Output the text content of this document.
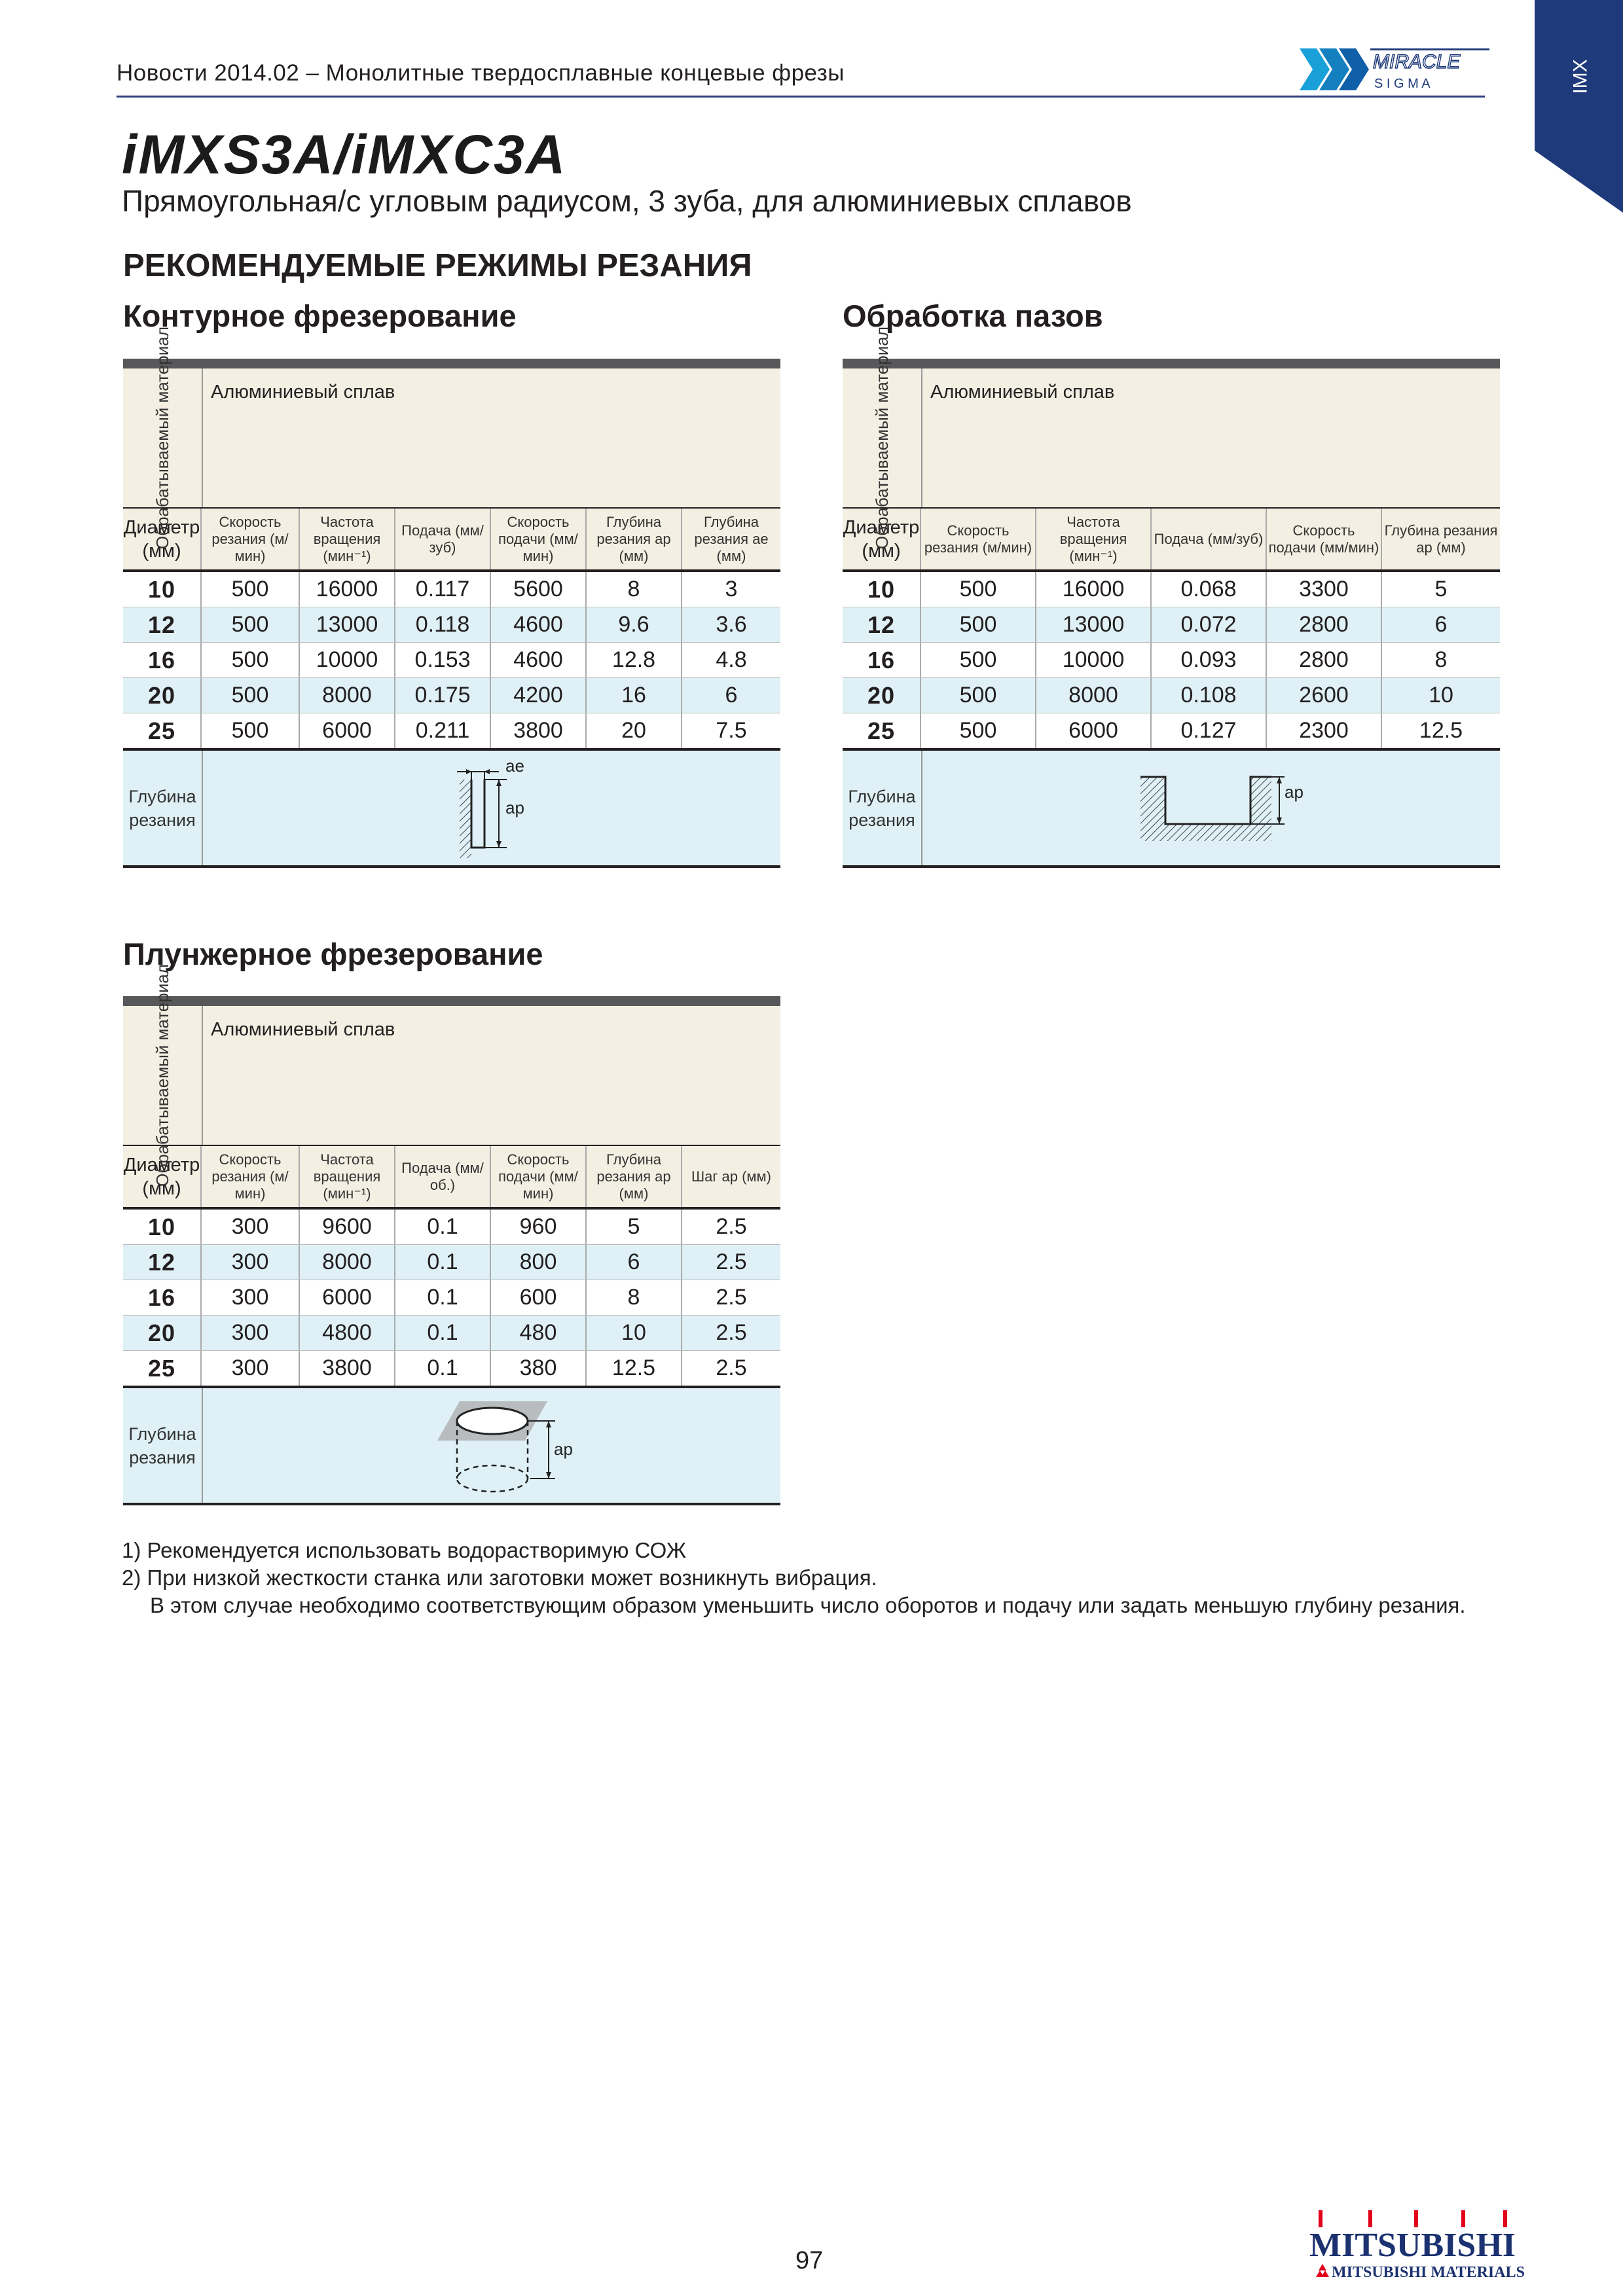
Новости 2014.02 – Монолитные твердосплавные концевые фрезы	IMX
MIRACLE
S I G M A
iMXS3A/iMXC3A
Прямоугольная/с угловым радиусом, 3 зуба, для алюминиевых сплавов
РЕКОМЕНДУЕМЫЕ РЕЖИМЫ РЕЗАНИЯ
Контурное фрезерование
Обрабатываемый материал Алюминиевый сплав
Диаметр (мм)
Скорость резания (м/мин)
Частота вращения (мин⁻¹)
Подача (мм/зуб)
Скорость подачи (мм/мин)
Глубина резания ap (мм)
Глубина резания ae (мм)
10	500	16000	0.117	5600	8	3
12	500	13000	0.118	4600	9.6	3.6
16	500	10000	0.153	4600	12.8	4.8
20	500	8000	0.175	4200	16	6
25	500	6000	0.211	3800	20	7.5
Глубина резания
ae
ap
Обработка пазов
Обрабатываемый материал Алюминиевый сплав
Диаметр (мм)
Скорость резания (м/мин)
Частота вращения (мин⁻¹)
Подача (мм/зуб)
Скорость подачи (мм/мин)
Глубина резания ap (мм)
10	500	16000	0.068	3300	5
12	500	13000	0.072	2800	6
16	500	10000	0.093	2800	8
20	500	8000	0.108	2600	10
25	500	6000	0.127	2300	12.5
Глубина резания
ap
Плунжерное фрезерование
Обрабатываемый материал Алюминиевый сплав
Диаметр (мм)
Скорость резания (м/мин)
Частота вращения (мин⁻¹)
Подача (мм/об.)
Скорость подачи (мм/мин)
Глубина резания ap (мм)
Шаг ap (мм)
10	300	9600	0.1	960	5	2.5
12	300	8000	0.1	800	6	2.5
16	300	6000	0.1	600	8	2.5
20	300	4800	0.1	480	10	2.5
25	300	3800	0.1	380	12.5	2.5
Глубина резания	ap
1) Рекомендуется использовать водорастворимую СОЖ
2) При низкой жесткости станка или заготовки может возникнуть вибрация.
В этом случае необходимо соответствующим образом уменьшить число оборотов и подачу или задать меньшую глубину резания.
97	MITSUBISHI
MITSUBISHI MATERIALS
